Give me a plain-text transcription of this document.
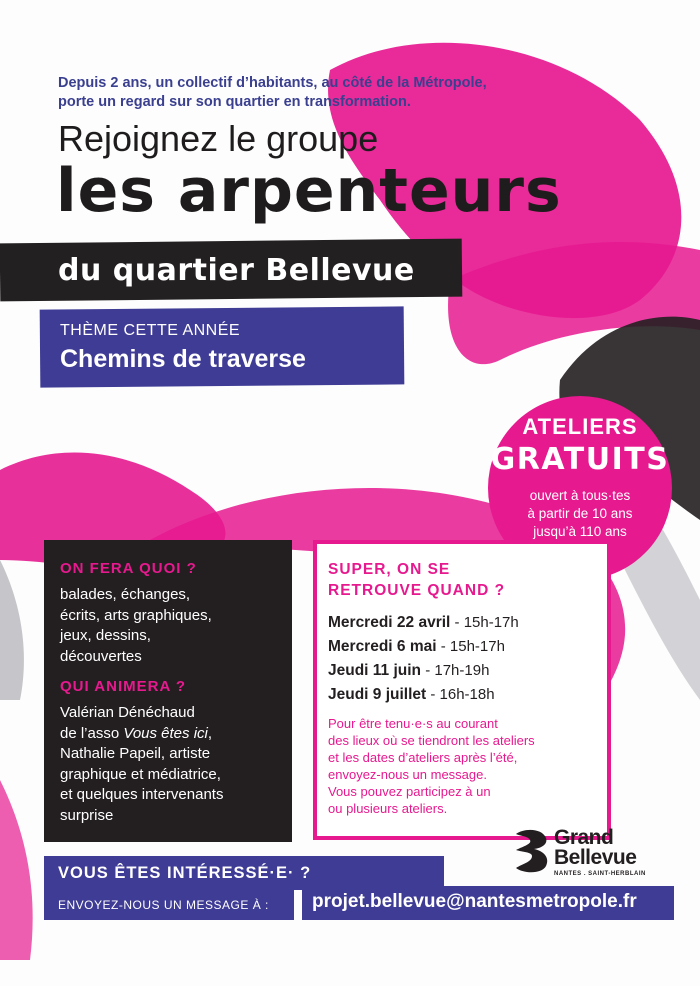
Depuis 2 ans, un collectif d’habitants, au côté de la Métropole,
porte un regard sur son quartier en transformation.

Rejoignez le groupe
les arpenteurs
du quartier Bellevue
THÈME CETTE ANNÉE
Chemins de traverse
ATELIERS
GRATUITS
ouvert à tous·tes
à partir de 10 ans
jusqu’à 110 ans
ON FERA QUOI ?
balades, échanges,
écrits, arts graphiques,
jeux, dessins,
découvertes
QUI ANIMERA ?
Valérian Dénéchaud
de l’asso Vous êtes ici,
Nathalie Papeil, artiste
graphique et médiatrice,
et quelques intervenants
surprise
SUPER, ON SE
RETROUVE QUAND ?
Mercredi 22 avril - 15h-17h
Mercredi 6 mai - 15h-17h
Jeudi 11 juin - 17h-19h
Jeudi 9 juillet - 16h-18h

Pour être tenu·e·s au courant
des lieux où se tiendront les ateliers
et les dates d’ateliers après l’été,
envoyez-nous un message.
Vous pouvez participez à un
ou plusieurs ateliers.

Grand
Bellevue
NANTES . SAINT-HERBLAIN
VOUS ÊTES INTÉRESSÉ·E· ?
ENVOYEZ-NOUS UN MESSAGE À : projet.bellevue@nantesmetropole.fr
